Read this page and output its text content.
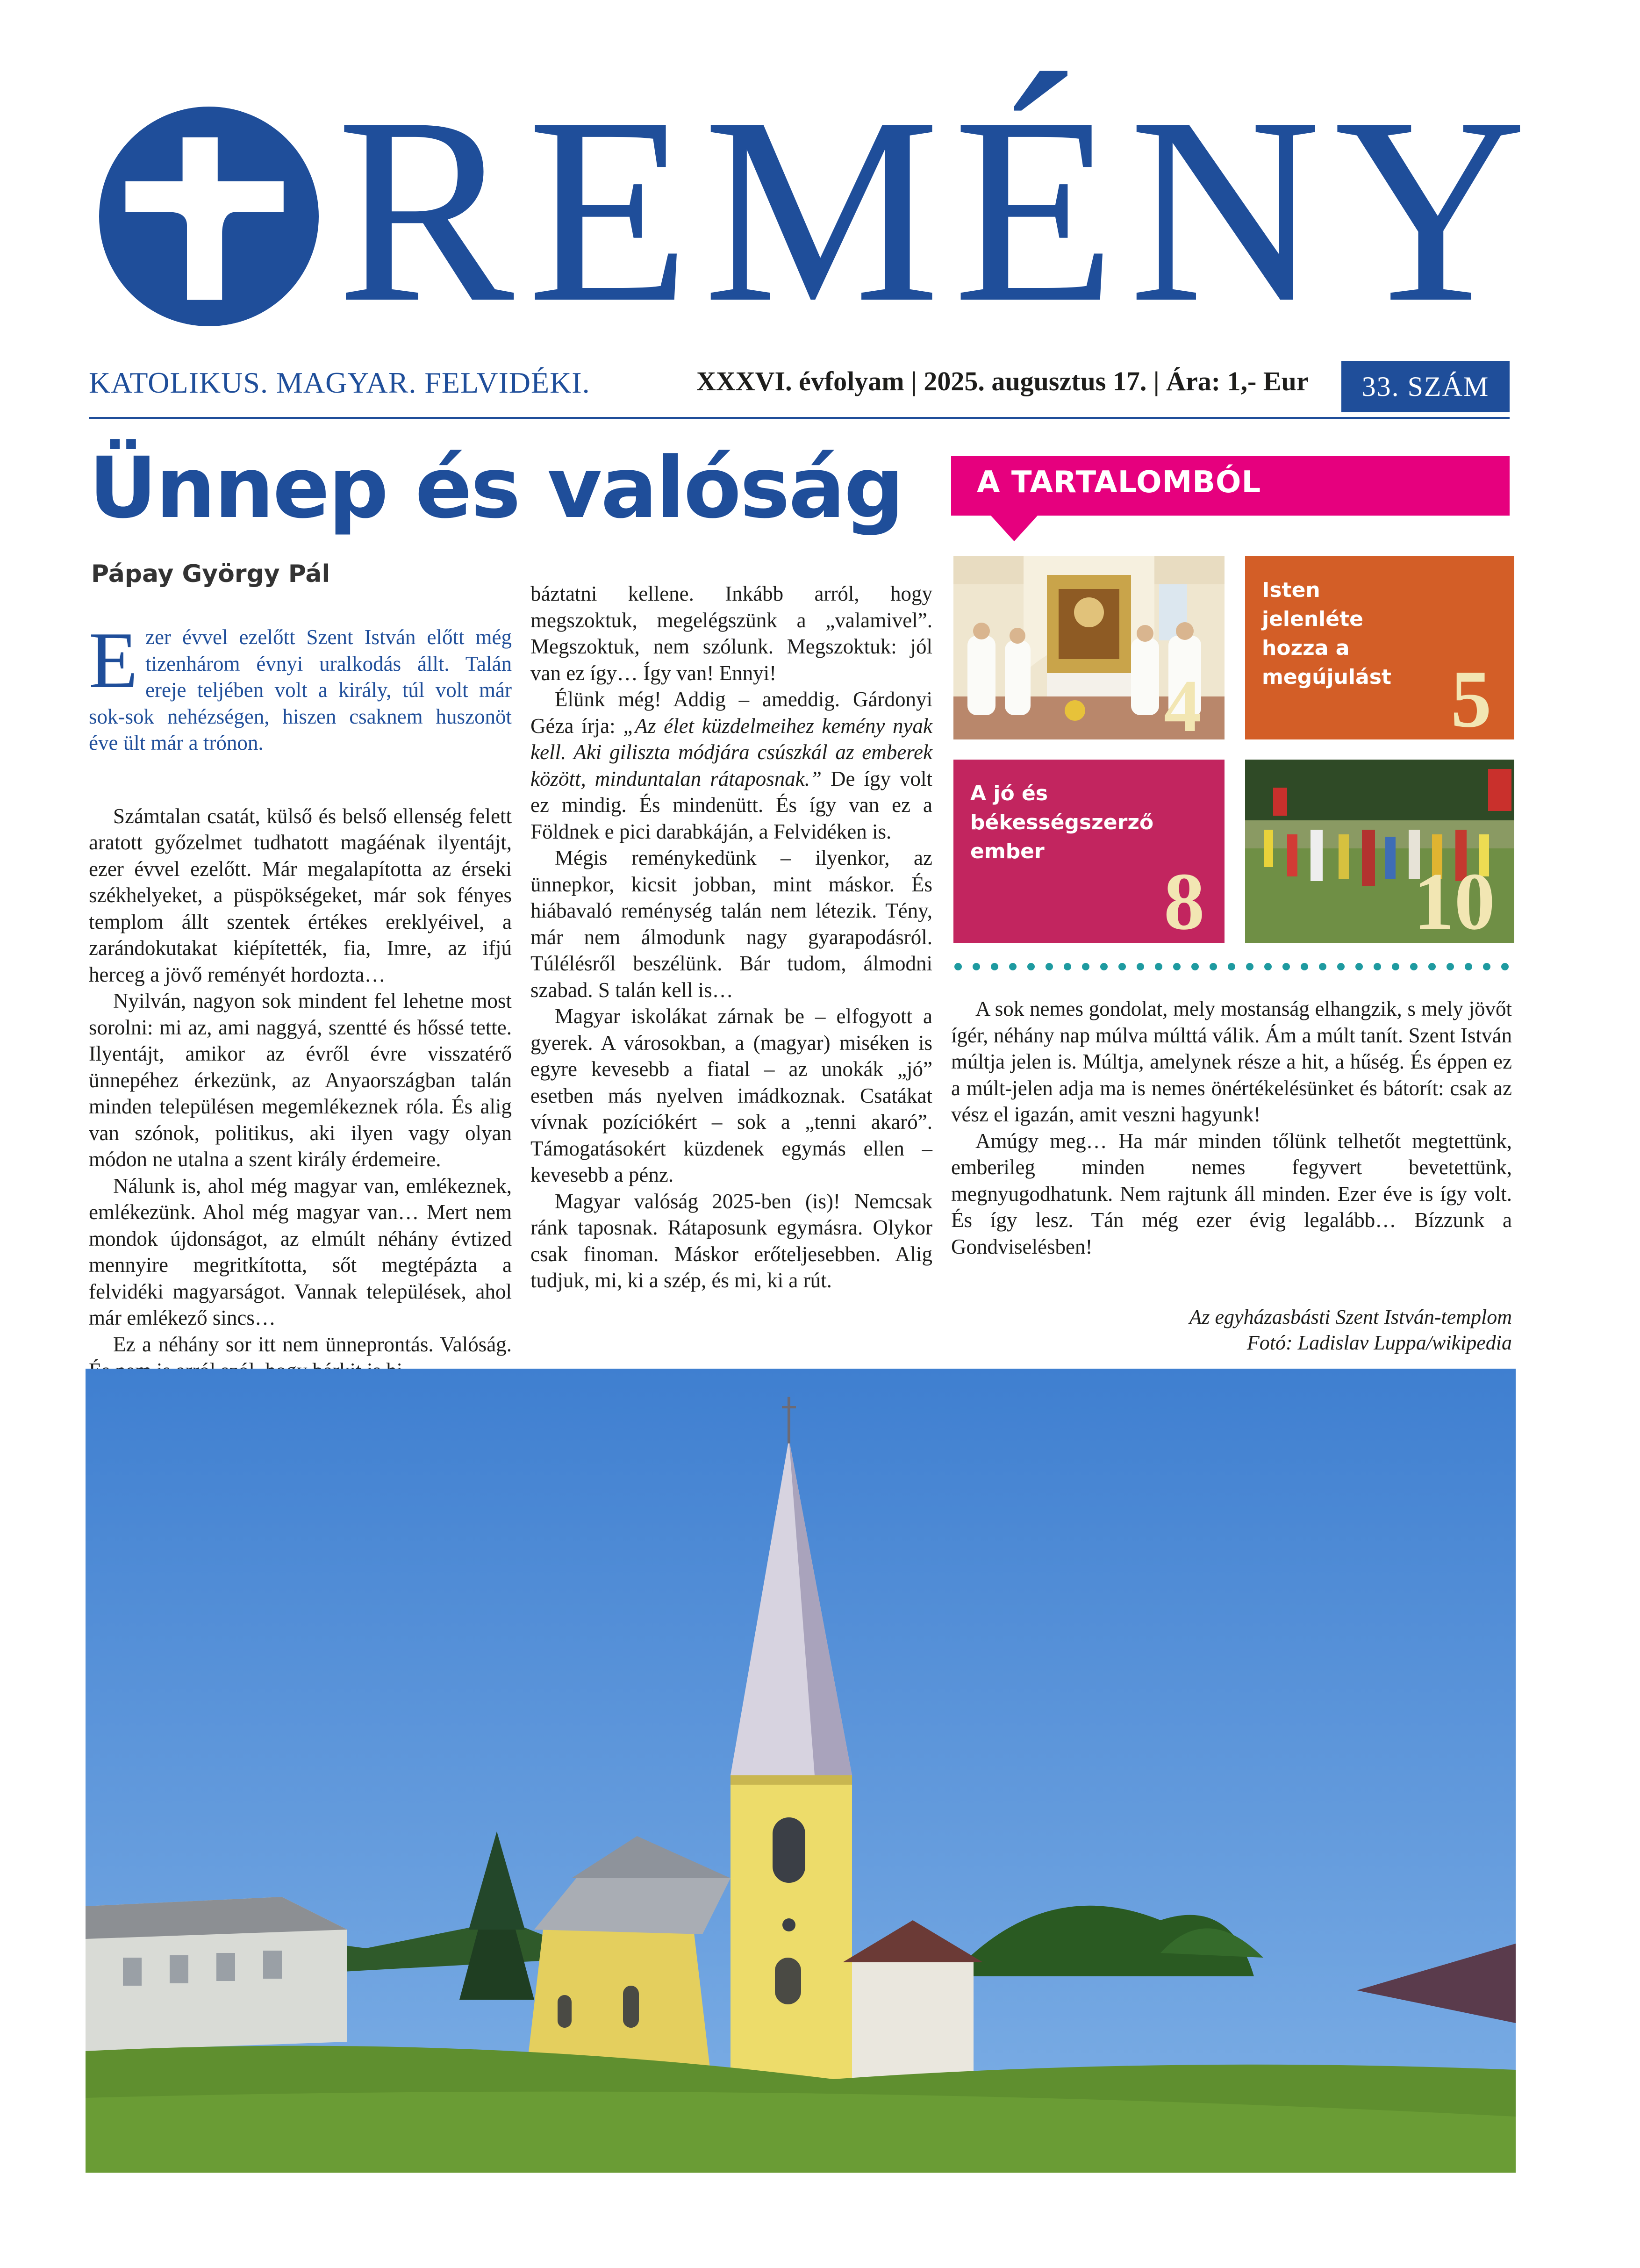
REMÉNY
KATOLIKUS. MAGYAR. FELVIDÉKI.	XXXVI. évfolyam | 2025. augusztus 17. | Ára: 1,- Eur	33. SZÁM
Ünnep és valóság
Pápay György Pál

Ezer évvel ezelőtt Szent István előtt még tizenhárom évnyi uralkodás állt. Talán ereje teljében volt a király, túl volt már sok-sok nehézségen, hiszen csaknem huszonöt éve ült már a trónon.

Számtalan csatát, külső és belső ellenség felett aratott győzelmet tudhatott magáénak ilyentájt, ezer évvel ezelőtt. Már megalapította az érseki székhelyeket, a püspökségeket, már sok fényes templom állt szentek értékes ereklyéivel, a zarándokutakat kiépítették, fia, Imre, az ifjú herceg a jövő reményét hordozta…

Nyilván, nagyon sok mindent fel lehetne most sorolni: mi az, ami naggyá, szentté és hőssé tette. Ilyentájt, amikor az évről évre visszatérő ünnepéhez érkezünk, az Anyaországban talán minden településen megemlékeznek róla. És alig van szónok, politikus, aki ilyen vagy olyan módon ne utalna a szent király érdemeire.

Nálunk is, ahol még magyar van, emlékeznek, emlékezünk. Ahol még magyar van… Mert nem mondok újdonságot, az elmúlt néhány évtized mennyire megritkította, sőt megtépázta a felvidéki magyarságot. Vannak települések, ahol már emlékező sincs…

Ez a néhány sor itt nem ünneprontás. Valóság.

báztatni kellene. Inkább arról, hogy megszoktuk, megelégszünk a „valamivel”. Megszoktuk, nem szólunk. Megszoktuk: jól van ez így… Így van! Ennyi!

Élünk még! Addig – ameddig. Gárdonyi Géza írja: „Az élet küzdelmeihez kemény nyak kell. Aki giliszta módjára csúszkál az emberek között, minduntalan rátaposnak.” De így volt ez mindig. És mindenütt. És így van ez a Földnek e pici darabkáján, a Felvidéken is.

Mégis reménykedünk – ilyenkor, az ünnepkor, kicsit jobban, mint máskor. És hiábavaló reménység talán nem létezik. Tény, már nem álmodunk nagy gyarapodásról. Túlélésről beszélünk. Bár tudom, álmodni szabad. S talán kell is…

Magyar iskolákat zárnak be – elfogyott a gyerek. A városokban, a (magyar) miséken is egyre kevesebb a fiatal – az unokák „jó” esetben más nyelven imádkoznak. Csatákat vívnak pozíciókért – sok a „tenni akaró”. Támogatásokért küzdenek egymás ellen – kevesebb a pénz.

Magyar valóság 2025-ben (is)! Nemcsak ránk taposnak. Rátaposunk egymásra. Olykor csak finoman. Máskor erőteljesebben. Alig tudjuk, mi, ki a szép, és mi, ki a rút.

A TARTALOMBÓL
4
Isten jelenléte hozza a megújulást 5
A jó és békességszerző ember
8	10

A sok nemes gondolat, mely mostanság elhangzik, s mely jövőt ígér, néhány nap múlva múlttá válik. Ám a múlt tanít. Szent István múltja jelen is. Múltja, amelynek része a hit, a hűség. És éppen ez a múlt-jelen adja ma is nemes önértékelésünket és bátorít: csak az vész el igazán, amit veszni hagyunk!

Amúgy meg… Ha már minden tőlünk telhetőt megtettünk, emberileg minden nemes fegyvert bevetettünk, megnyugodhatunk. Nem rajtunk áll minden. Ezer éve is így volt. És így lesz. Tán még ezer évig legalább… Bízzunk a Gondviselésben!

Az egyházasbásti Szent István-templom
Fotó: Ladislav Luppa/wikipedia
